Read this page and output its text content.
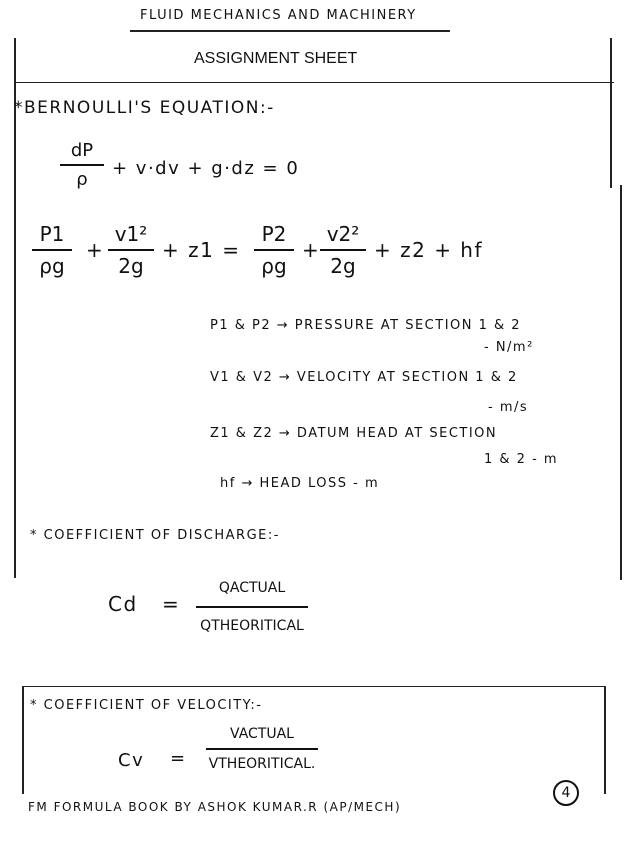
FLUID MECHANICS AND MACHINERY
ASSIGNMENT SHEET
*BERNOULLI'S EQUATION:-
dP
ρ
+ v·dv + g·dz = 0
P1
ρg
+
v1²
2g
+ z1 =
P2
ρg
+
v2²
2g
+ z2 + hf
P1 & P2 → PRESSURE AT SECTION 1 & 2
- N/m²
V1 & V2 → VELOCITY AT SECTION 1 & 2
- m/s
Z1 & Z2 → DATUM HEAD AT SECTION
1 & 2 - m
hf → HEAD LOSS - m
* COEFFICIENT OF DISCHARGE:-
Cd =
QACTUAL
QTHEORITICAL
* COEFFICIENT OF VELOCITY:-
Cv =
VACTUAL
VTHEORITICAL.
FM FORMULA BOOK BY ASHOK KUMAR.R (AP/MECH)
4
